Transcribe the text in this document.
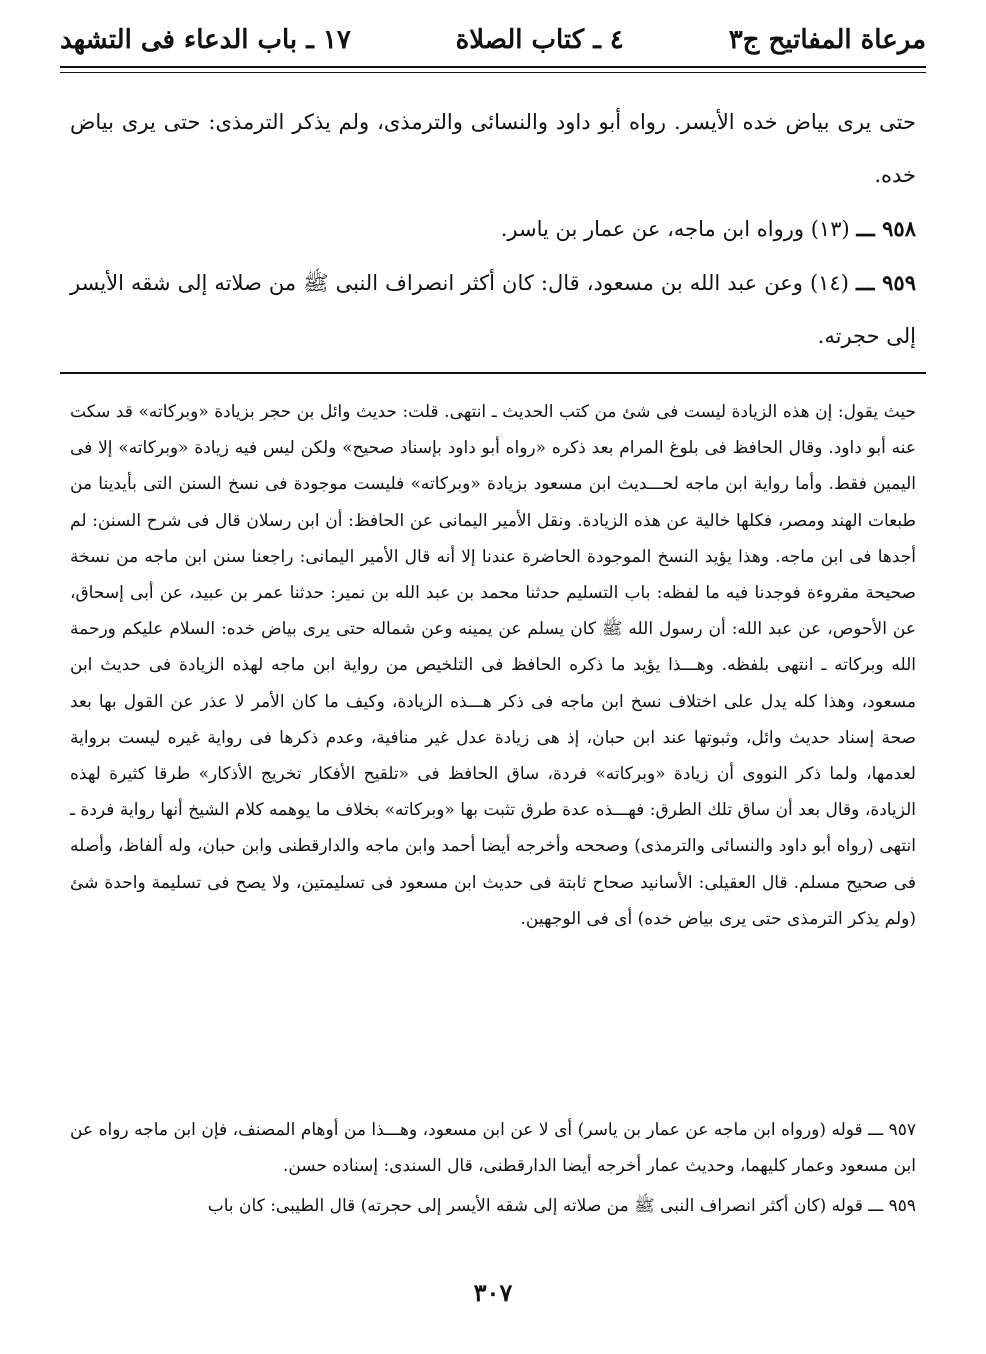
مرعاة المفاتيح ج٣
٤ ـ كتاب الصلاة
١٧ ـ باب الدعاء فى التشهد

حتى يرى بياض خده الأيسر. رواه أبو داود والنسائى والترمذى، ولم يذكر الترمذى: حتى يرى بياض خده.

٩٥٨ ـــ (١٣) ورواه ابن ماجه، عن عمار بن ياسر.

٩٥٩ ـــ (١٤) وعن عبد الله بن مسعود، قال: كان أكثر انصراف النبى ﷺ من صلاته إلى شقه الأيسر إلى حجرته.

حيث يقول: إن هذه الزيادة ليست فى شئ من كتب الحديث ـ انتهى. قلت: حديث وائل بن حجر بزيادة «وبركاته» قد سكت عنه أبو داود. وقال الحافظ فى بلوغ المرام بعد ذكره «رواه أبو داود بإسناد صحيح» ولكن ليس فيه زيادة «وبركاته» إلا فى اليمين فقط. وأما رواية ابن ماجه لحـــديث ابن مسعود بزيادة «وبركاته» فليست موجودة فى نسخ السنن التى بأيدينا من طبعات الهند ومصر، فكلها خالية عن هذه الزيادة. ونقل الأمير اليمانى عن الحافظ: أن ابن رسلان قال فى شرح السنن: لم أجدها فى ابن ماجه. وهذا يؤيد النسخ الموجودة الحاضرة عندنا إلا أنه قال الأمير اليمانى: راجعنا سنن ابن ماجه من نسخة صحيحة مقروءة فوجدنا فيه ما لفظه: باب التسليم حدثنا محمد بن عبد الله بن نمير: حدثنا عمر بن عبيد، عن أبى إسحاق، عن الأحوص، عن عبد الله: أن رسول الله ﷺ كان يسلم عن يمينه وعن شماله حتى يرى بياض خده: السلام عليكم ورحمة الله وبركاته ـ انتهى بلفظه. وهـــذا يؤيد ما ذكره الحافظ فى التلخيص من رواية ابن ماجه لهذه الزيادة فى حديث ابن مسعود، وهذا كله يدل على اختلاف نسخ ابن ماجه فى ذكر هـــذه الزيادة، وكيف ما كان الأمر لا عذر عن القول بها بعد صحة إسناد حديث وائل، وثبوتها عند ابن حبان، إذ هى زيادة عدل غير منافية، وعدم ذكرها فى رواية غيره ليست برواية لعدمها، ولما ذكر النووى أن زيادة «وبركاته» فردة، ساق الحافظ فى «تلقيح الأفكار تخريج الأذكار» طرقا كثيرة لهذه الزيادة، وقال بعد أن ساق تلك الطرق: فهـــذه عدة طرق تثبت بها «وبركاته» بخلاف ما يوهمه كلام الشيخ أنها رواية فردة ـ انتهى (رواه أبو داود والنسائى والترمذى) وصححه وأخرجه أيضا أحمد وابن ماجه والدارقطنى وابن حبان، وله ألفاظ، وأصله فى صحيح مسلم. قال العقيلى: الأسانيد صحاح ثابتة فى حديث ابن مسعود فى تسليمتين، ولا يصح فى تسليمة واحدة شئ (ولم يذكر الترمذى حتى يرى بياض خده) أى فى الوجهين.

٩٥٧ ـــ قوله (ورواه ابن ماجه عن عمار بن ياسر) أى لا عن ابن مسعود، وهـــذا من أوهام المصنف، فإن ابن ماجه رواه عن ابن مسعود وعمار كليهما، وحديث عمار أخرجه أيضا الدارقطنى، قال السندى: إسناده حسن.

٩٥٩ ـــ قوله (كان أكثر انصراف النبى ﷺ من صلاته إلى شقه الأيسر إلى حجرته) قال الطيبى: كان باب

٣٠٧
